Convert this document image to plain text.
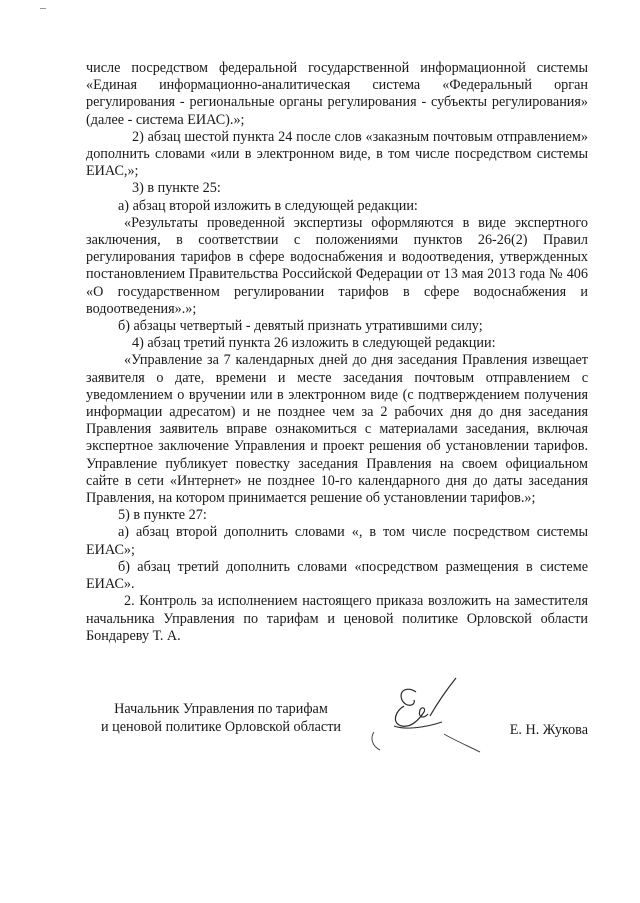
числе посредством федеральной государственной информационной системы «Единая информационно-аналитическая система «Федеральный орган регулирования - региональные органы регулирования - субъекты регулирования» (далее - система ЕИАС).»;

2) абзац шестой пункта 24 после слов «заказным почтовым отправлением» дополнить словами «или в электронном виде, в том числе посредством системы ЕИАС,»;

3) в пункте 25:

а) абзац второй изложить в следующей редакции:

«Результаты проведенной экспертизы оформляются в виде экспертного заключения, в соответствии с положениями пунктов 26-26(2) Правил регулирования тарифов в сфере водоснабжения и водоотведения, утвержденных постановлением Правительства Российской Федерации от 13 мая 2013 года № 406 «О государственном регулировании тарифов в сфере водоснабжения и водоотведения».»;

б) абзацы четвертый - девятый признать утратившими силу;

4) абзац третий пункта 26 изложить в следующей редакции:

«Управление за 7 календарных дней до дня заседания Правления извещает заявителя о дате, времени и месте заседания почтовым отправлением с уведомлением о вручении или в электронном виде (с подтверждением получения информации адресатом) и не позднее чем за 2 рабочих дня до дня заседания Правления заявитель вправе ознакомиться с материалами заседания, включая экспертное заключение Управления и проект решения об установлении тарифов. Управление публикует повестку заседания Правления на своем официальном сайте в сети «Интернет» не позднее 10-го календарного дня до даты заседания Правления, на котором принимается решение об установлении тарифов.»;

5) в пункте 27:

а) абзац второй дополнить словами «, в том числе посредством системы ЕИАС»;

б) абзац третий дополнить словами «посредством размещения в системе ЕИАС».

2. Контроль за исполнением настоящего приказа возложить на заместителя начальника Управления по тарифам и ценовой политике Орловской области Бондареву Т. А.

Начальник Управления по тарифам
и ценовой политике Орловской области	Е. Н. Жукова
